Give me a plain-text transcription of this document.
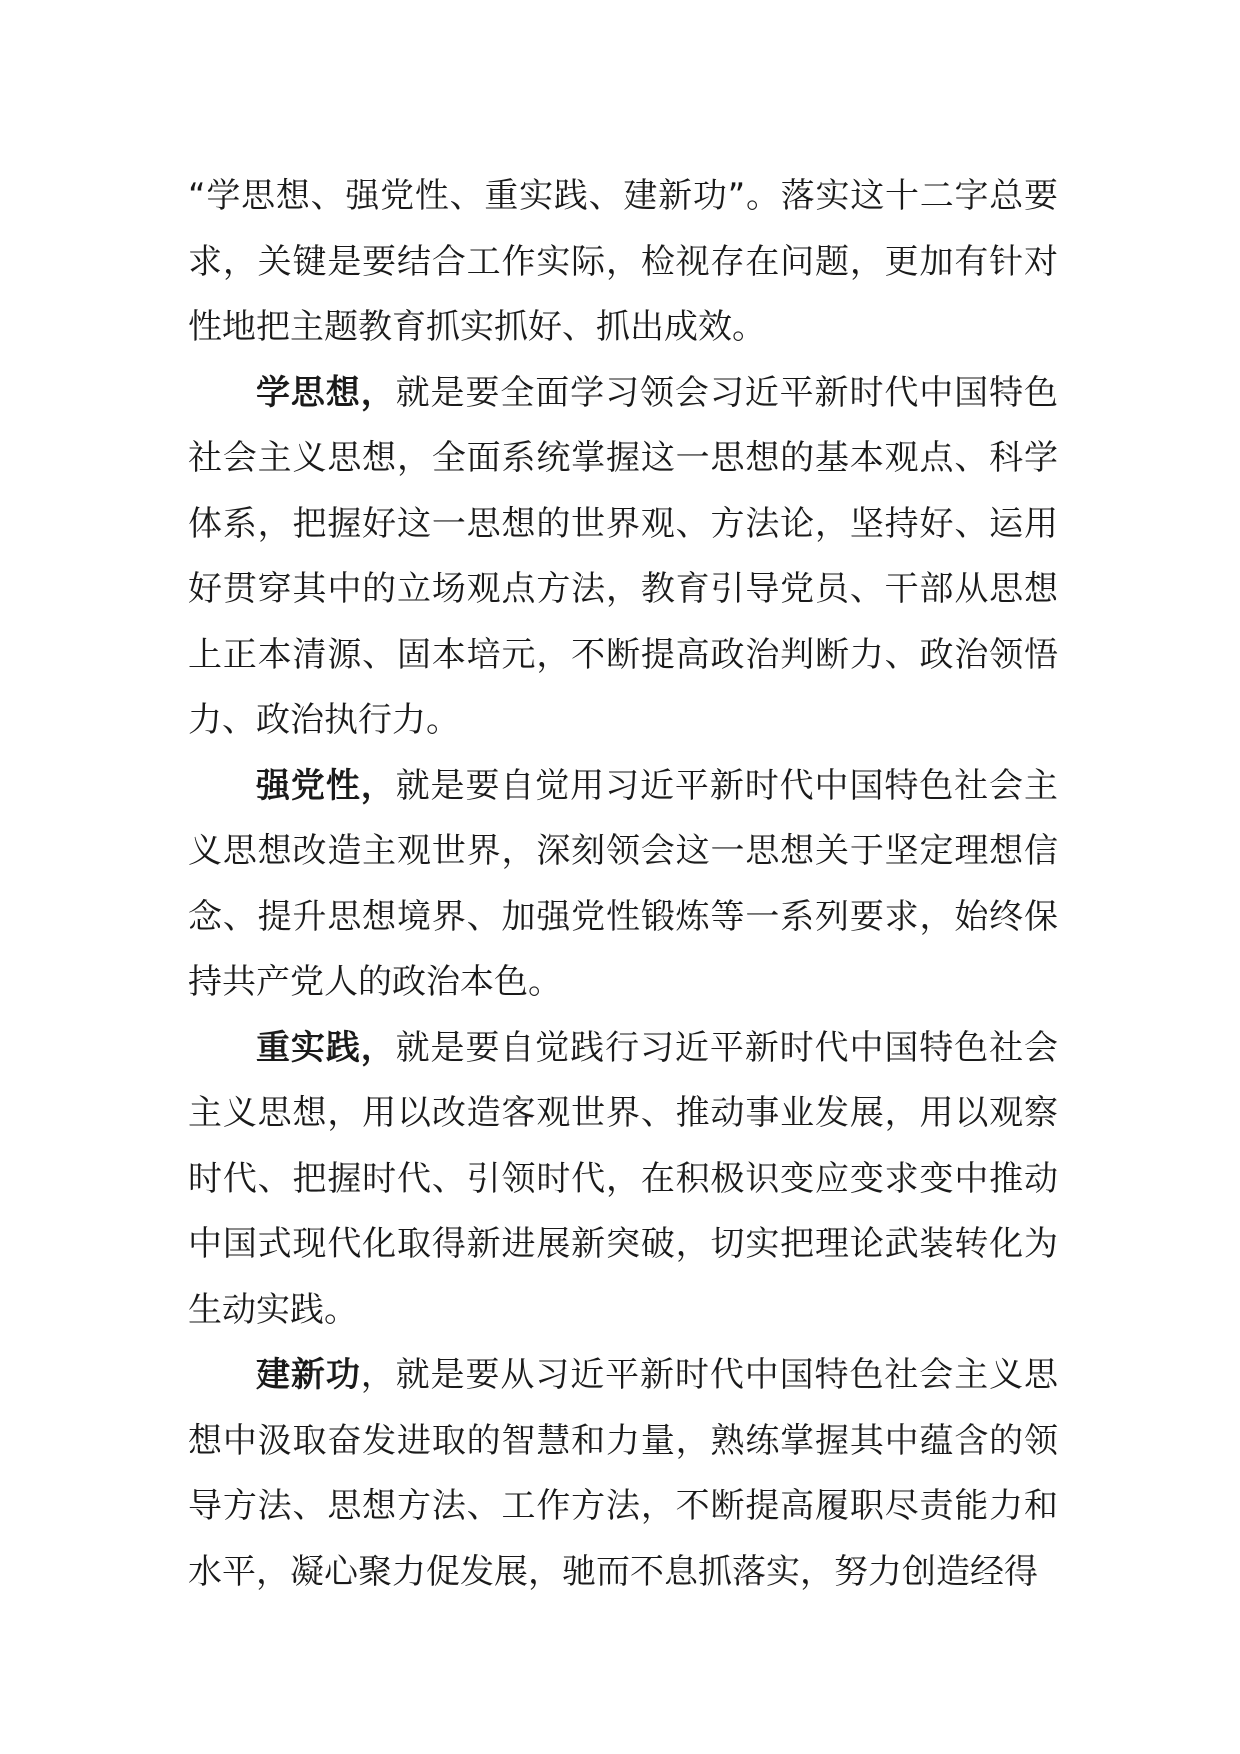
“学思想、强党性、重实践、建新功”。落实这十二字总要求，关键是要结合工作实际，检视存在问题，更加有针对性地把主题教育抓实抓好、抓出成效。

学思想，就是要全面学习领会习近平新时代中国特色社会主义思想，全面系统掌握这一思想的基本观点、科学体系，把握好这一思想的世界观、方法论，坚持好、运用好贯穿其中的立场观点方法，教育引导党员、干部从思想上正本清源、固本培元，不断提高政治判断力、政治领悟力、政治执行力。

强党性，就是要自觉用习近平新时代中国特色社会主义思想改造主观世界，深刻领会这一思想关于坚定理想信念、提升思想境界、加强党性锻炼等一系列要求，始终保持共产党人的政治本色。

重实践，就是要自觉践行习近平新时代中国特色社会主义思想，用以改造客观世界、推动事业发展，用以观察时代、把握时代、引领时代，在积极识变应变求变中推动中国式现代化取得新进展新突破，切实把理论武装转化为生动实践。

建新功，就是要从习近平新时代中国特色社会主义思想中汲取奋发进取的智慧和力量，熟练掌握其中蕴含的领导方法、思想方法、工作方法，不断提高履职尽责能力和水平，凝心聚力促发展，驰而不息抓落实，努力创造经得
